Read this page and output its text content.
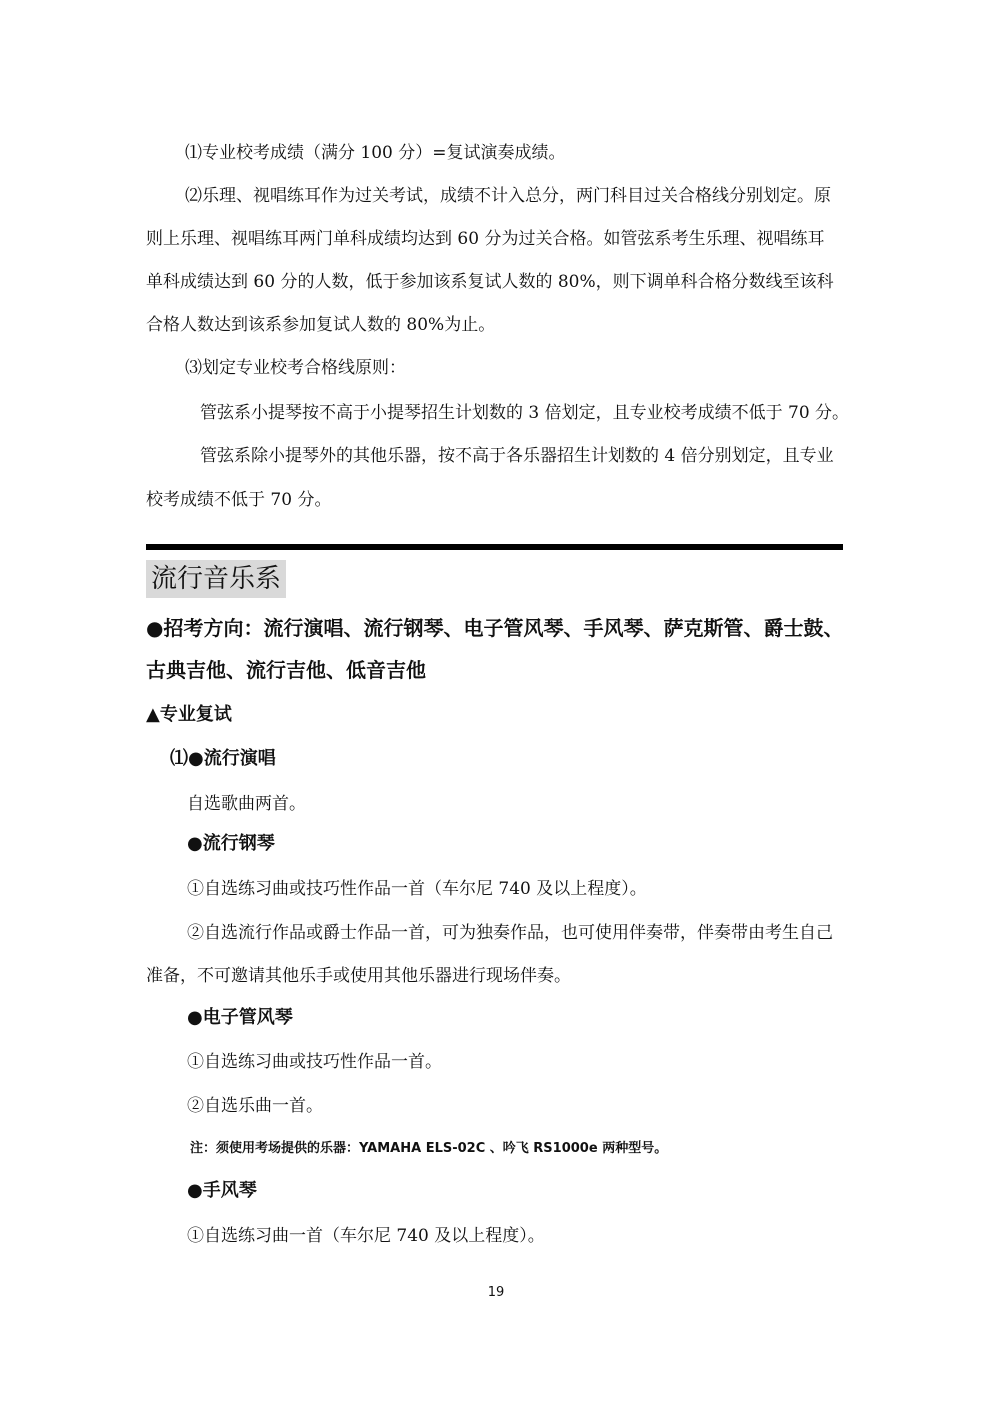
⑴专业校考成绩（满分 100 分）=复试演奏成绩。

⑵乐理、视唱练耳作为过关考试，成绩不计入总分，两门科目过关合格线分别划定。原

则上乐理、视唱练耳两门单科成绩均达到 60 分为过关合格。如管弦系考生乐理、视唱练耳

单科成绩达到 60 分的人数，低于参加该系复试人数的 80%，则下调单科合格分数线至该科

合格人数达到该系参加复试人数的 80%为止。

⑶划定专业校考合格线原则：

管弦系小提琴按不高于小提琴招生计划数的 3 倍划定，且专业校考成绩不低于 70 分。

管弦系除小提琴外的其他乐器，按不高于各乐器招生计划数的 4 倍分别划定，且专业

校考成绩不低于 70 分。

流行音乐系

●招考方向：流行演唱、流行钢琴、电子管风琴、手风琴、萨克斯管、爵士鼓、

古典吉他、流行吉他、低音吉他

▲专业复试

⑴●流行演唱

自选歌曲两首。

●流行钢琴

①自选练习曲或技巧性作品一首（车尔尼 740 及以上程度）。

②自选流行作品或爵士作品一首，可为独奏作品，也可使用伴奏带，伴奏带由考生自己

准备，不可邀请其他乐手或使用其他乐器进行现场伴奏。

●电子管风琴

①自选练习曲或技巧性作品一首。

②自选乐曲一首。

注：须使用考场提供的乐器：YAMAHA ELS-02C 、吟飞 RS1000e 两种型号。

●手风琴

①自选练习曲一首（车尔尼 740 及以上程度）。

19
